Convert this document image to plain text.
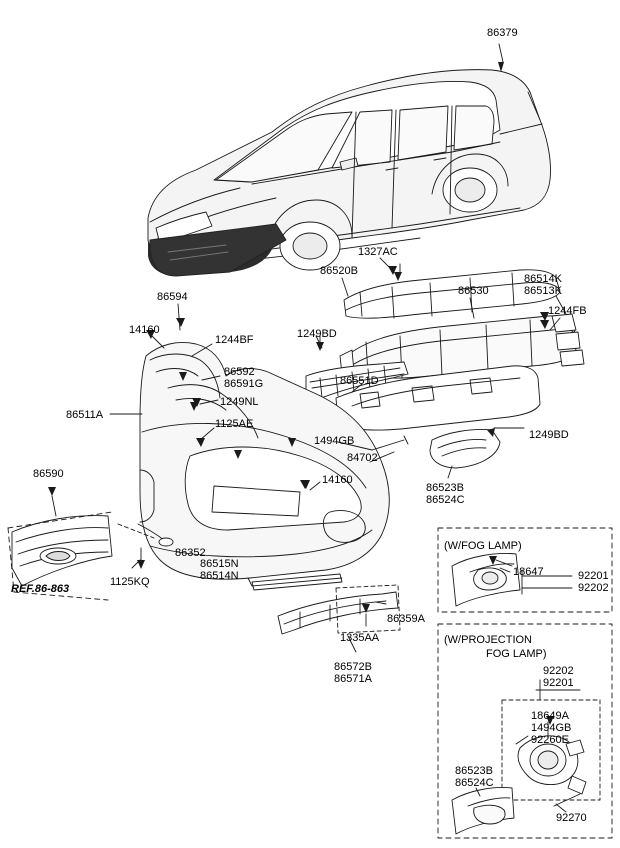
86379
1327AC
86520B
86530
86514K
86513K
1244FB
86594
14160
1244BF	1249BD
86592
86591G	86551D
1249NL
86511A
1125AE
1494GB
84702
1249BD
86590	14160
86523B
86524C
86352
86515N
86514N
1125KQ
REF.86-863
18647	92201
92202
86359A
1335AA
86572B
86571A
92202
92201
18649A
1494GB
92260E
86523B
86524C
92270
(W/FOG LAMP)
(W/PROJECTION
FOG LAMP)
